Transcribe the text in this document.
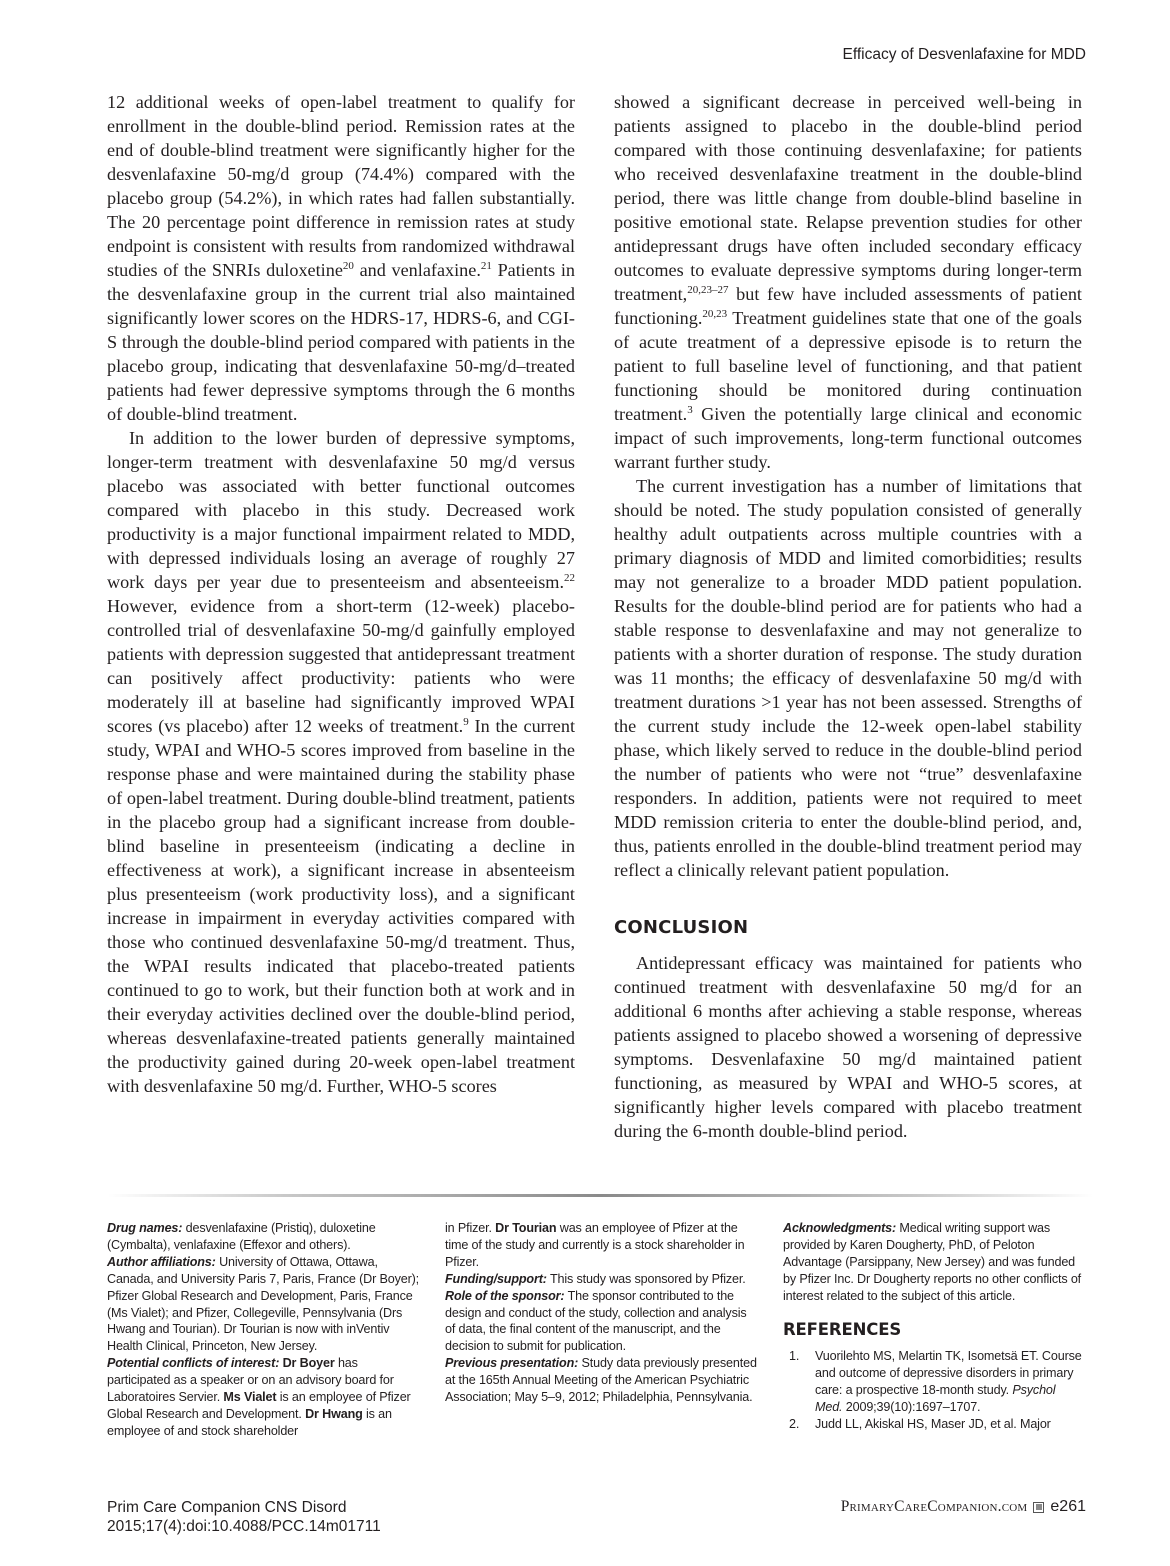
Efficacy of Desvenlafaxine for MDD

12 additional weeks of open-label treatment to qualify for enrollment in the double-blind period. Remission rates at the end of double-blind treatment were significantly higher for the desvenlafaxine 50-mg/d group (74.4%) compared with the placebo group (54.2%), in which rates had fallen substantially. The 20 percentage point difference in remission rates at study endpoint is consistent with results from randomized withdrawal studies of the SNRIs duloxetine$^{20}$ and venlafaxine.$^{21}$ Patients in the desvenlafaxine group in the current trial also maintained significantly lower scores on the HDRS-17, HDRS-6, and CGI-S through the double-blind period compared with patients in the placebo group, indicating that desvenlafaxine 50-mg/d–treated patients had fewer depressive symptoms through the 6 months of double-blind treatment.

In addition to the lower burden of depressive symptoms, longer-term treatment with desvenlafaxine 50 mg/d versus placebo was associated with better functional outcomes compared with placebo in this study. Decreased work productivity is a major functional impairment related to MDD, with depressed individuals losing an average of roughly 27 work days per year due to presenteeism and absenteeism.$^{22}$ However, evidence from a short-term (12-week) placebo-controlled trial of desvenlafaxine 50-mg/d gainfully employed patients with depression suggested that antidepressant treatment can positively affect productivity: patients who were moderately ill at baseline had significantly improved WPAI scores (vs placebo) after 12 weeks of treatment.$^9$ In the current study, WPAI and WHO-5 scores improved from baseline in the response phase and were maintained during the stability phase of open-label treatment. During double-blind treatment, patients in the placebo group had a significant increase from double-blind baseline in presenteeism (indicating a decline in effectiveness at work), a significant increase in absenteeism plus presenteeism (work productivity loss), and a significant increase in impairment in everyday activities compared with those who continued desvenlafaxine 50-mg/d treatment. Thus, the WPAI results indicated that placebo-treated patients continued to go to work, but their function both at work and in their everyday activities declined over the double-blind period, whereas desvenlafaxine-treated patients generally maintained the productivity gained during 20-week open-label treatment with desvenlafaxine 50 mg/d. Further, WHO-5 scores

showed a significant decrease in perceived well-being in patients assigned to placebo in the double-blind period compared with those continuing desvenlafaxine; for patients who received desvenlafaxine treatment in the double-blind period, there was little change from double-blind baseline in positive emotional state. Relapse prevention studies for other antidepressant drugs have often included secondary efficacy outcomes to evaluate depressive symptoms during longer-term treatment,$^{20,23-27}$ but few have included assessments of patient functioning.$^{20,23}$ Treatment guidelines state that one of the goals of acute treatment of a depressive episode is to return the patient to full baseline level of functioning, and that patient functioning should be monitored during continuation treatment.$^3$ Given the potentially large clinical and economic impact of such improvements, long-term functional outcomes warrant further study.

The current investigation has a number of limitations that should be noted. The study population consisted of generally healthy adult outpatients across multiple countries with a primary diagnosis of MDD and limited comorbidities; results may not generalize to a broader MDD patient population. Results for the double-blind period are for patients who had a stable response to desvenlafaxine and may not generalize to patients with a shorter duration of response. The study duration was 11 months; the efficacy of desvenlafaxine 50 mg/d with treatment durations >1 year has not been assessed. Strengths of the current study include the 12-week open-label stability phase, which likely served to reduce in the double-blind period the number of patients who were not “true” desvenlafaxine responders. In addition, patients were not required to meet MDD remission criteria to enter the double-blind period, and, thus, patients enrolled in the double-blind treatment period may reflect a clinically relevant patient population.

CONCLUSION

Antidepressant efficacy was maintained for patients who continued treatment with desvenlafaxine 50 mg/d for an additional 6 months after achieving a stable response, whereas patients assigned to placebo showed a worsening of depressive symptoms. Desvenlafaxine 50 mg/d maintained patient functioning, as measured by WPAI and WHO-5 scores, at significantly higher levels compared with placebo treatment during the 6-month double-blind period.

Drug names: desvenlafaxine (Pristiq), duloxetine (Cymbalta), venlafaxine (Effexor and others).

Author affiliations: University of Ottawa, Ottawa, Canada, and University Paris 7, Paris, France (Dr Boyer); Pfizer Global Research and Development, Paris, France (Ms Vialet); and Pfizer, Collegeville, Pennsylvania (Drs Hwang and Tourian). Dr Tourian is now with inVentiv Health Clinical, Princeton, New Jersey.

Potential conflicts of interest: Dr Boyer has participated as a speaker or on an advisory board for Laboratoires Servier. Ms Vialet is an employee of Pfizer Global Research and Development. Dr Hwang is an employee of and stock shareholder

in Pfizer. Dr Tourian was an employee of Pfizer at the time of the study and currently is a stock shareholder in Pfizer.

Funding/support: This study was sponsored by Pfizer.

Role of the sponsor: The sponsor contributed to the design and conduct of the study, collection and analysis of data, the final content of the manuscript, and the decision to submit for publication.

Previous presentation: Study data previously presented at the 165th Annual Meeting of the American Psychiatric Association; May 5–9, 2012; Philadelphia, Pennsylvania.

Acknowledgments: Medical writing support was provided by Karen Dougherty, PhD, of Peloton Advantage (Parsippany, New Jersey) and was funded by Pfizer Inc. Dr Dougherty reports no other conflicts of interest related to the subject of this article.

REFERENCES
1. Vuorilehto MS, Melartin TK, Isometsä ET. Course and outcome of depressive disorders in primary care: a prospective 18-month study. Psychol Med. 2009;39(10):1697–1707.
2. Judd LL, Akiskal HS, Maser JD, et al. Major
Prim Care Companion CNS Disord
2015;17(4):doi:10.4088/PCC.14m01711
PrimaryCareCompanion.com e261
